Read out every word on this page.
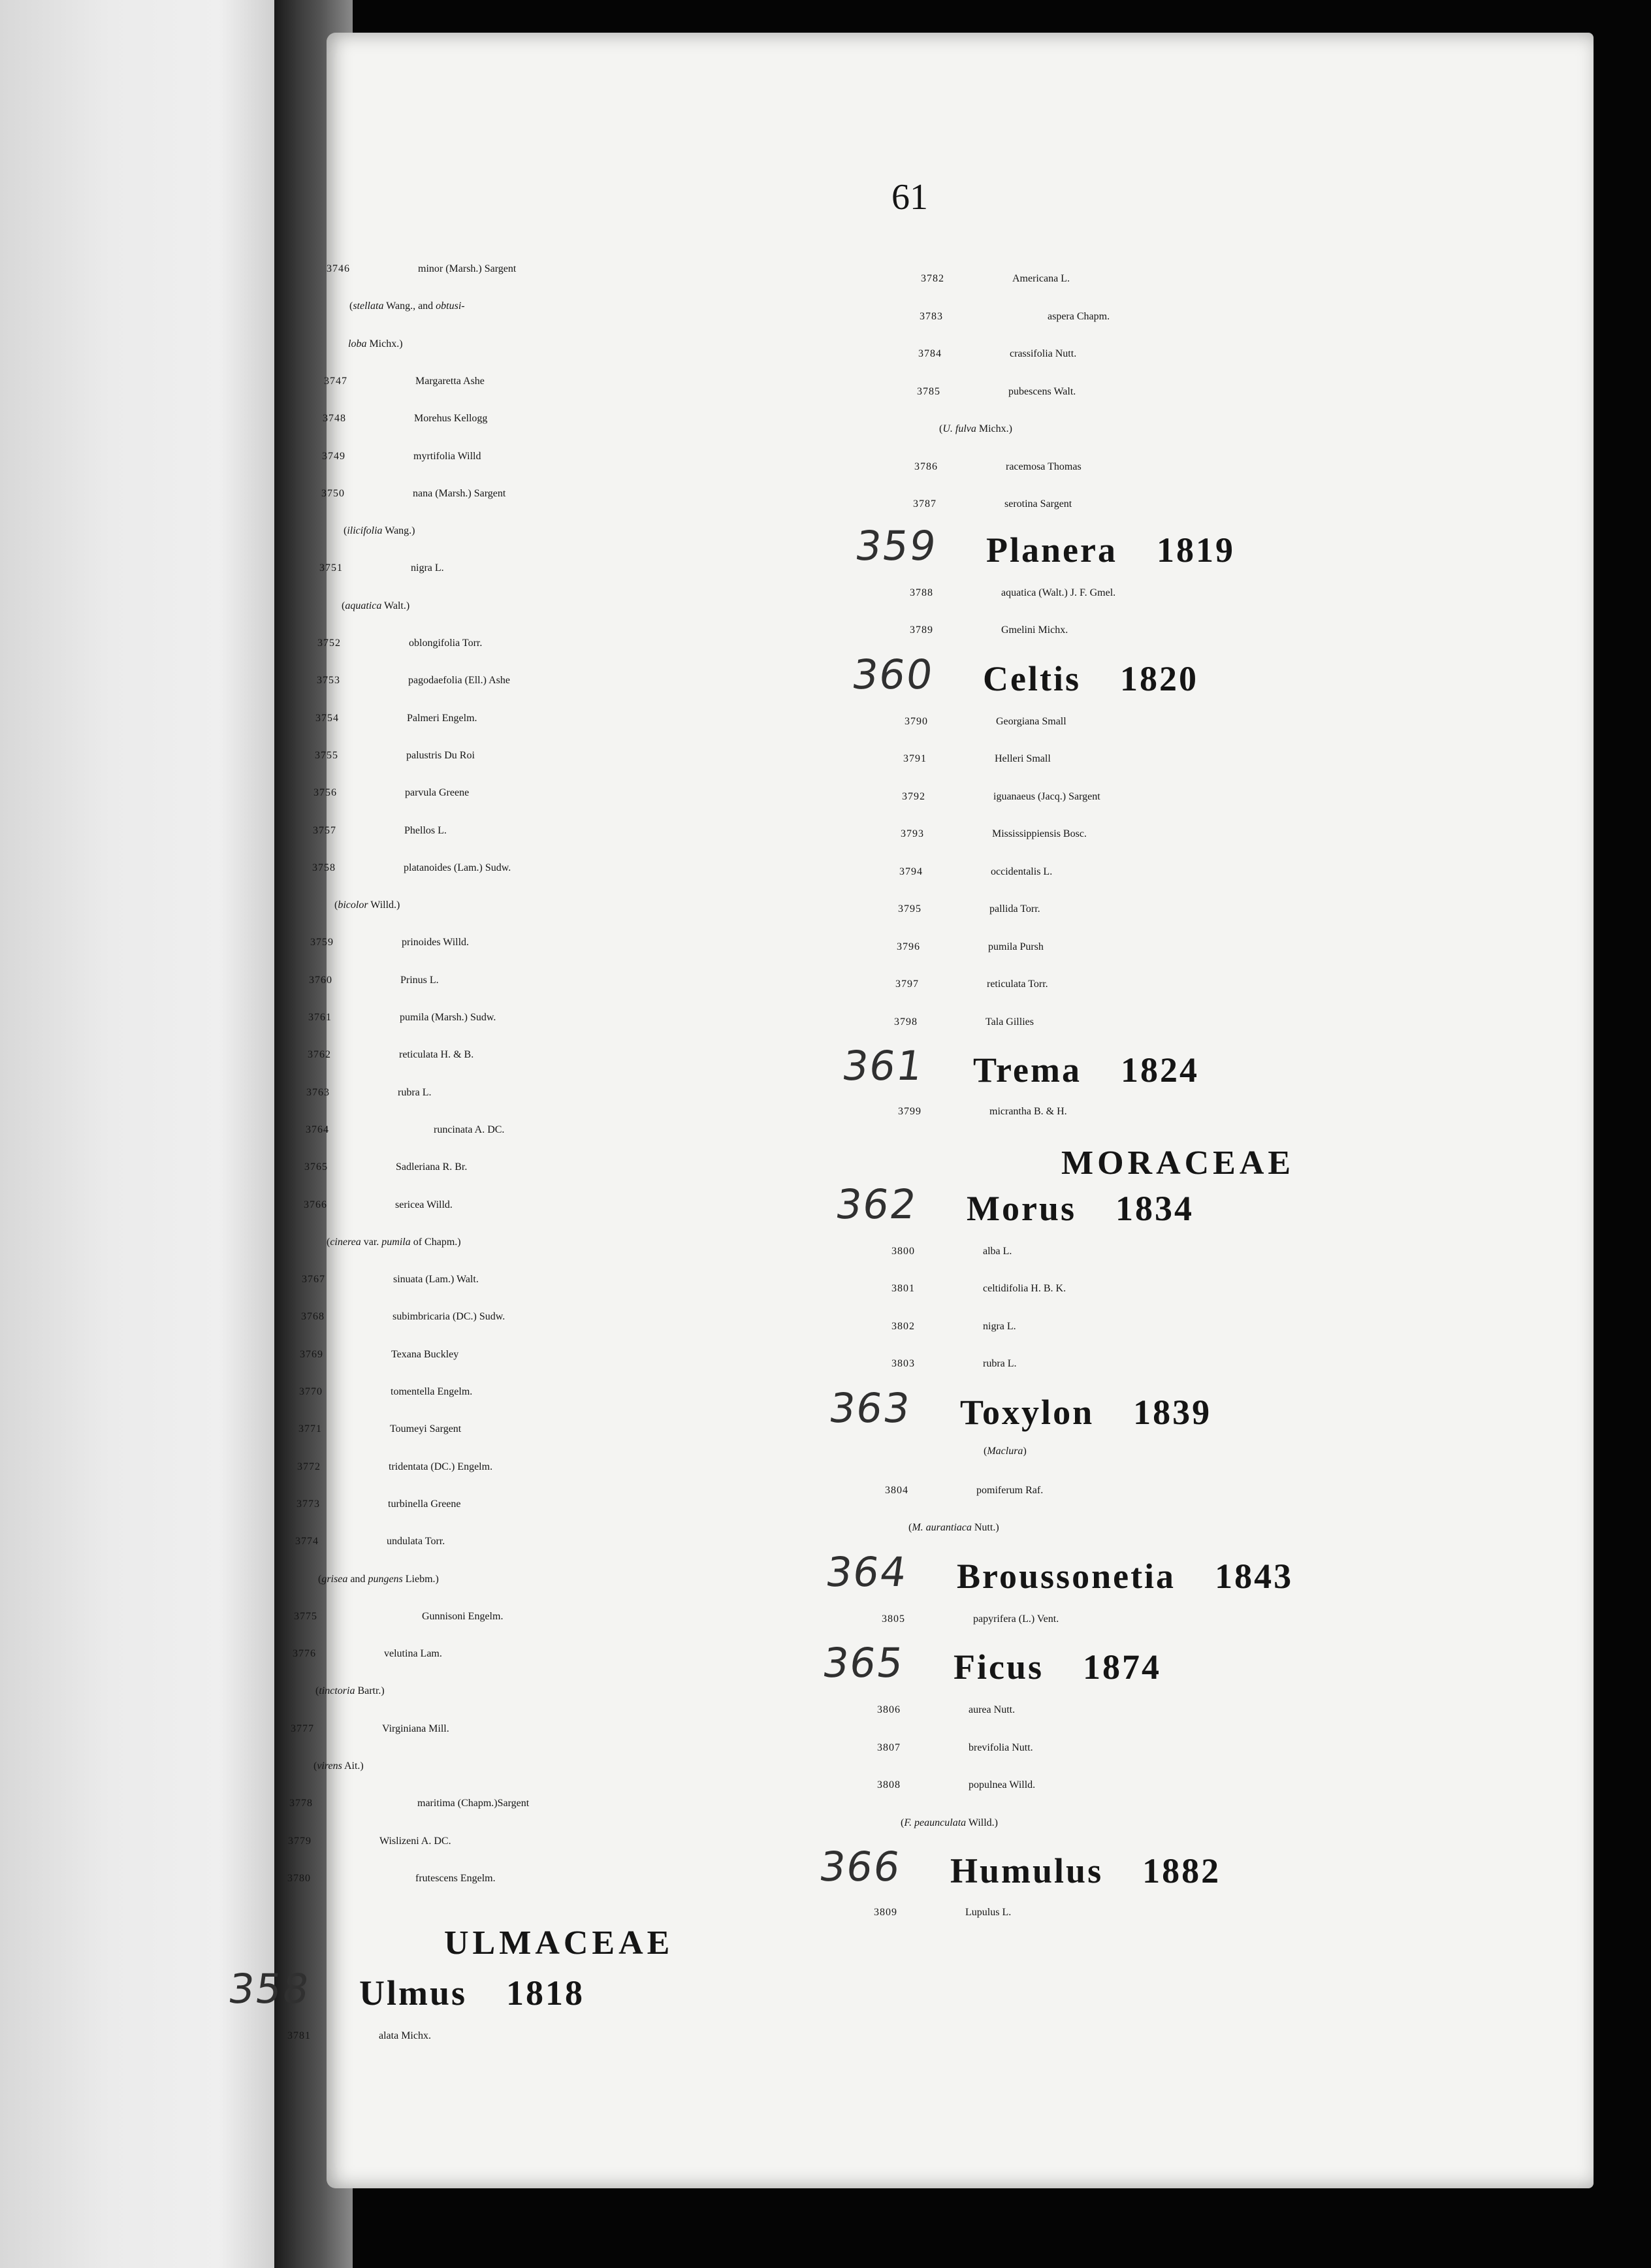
61
3746	minor (Marsh.) Sargent
(stellata Wang., and obtusi-
loba Michx.)
3747	Margaretta Ashe
3748	Morehus Kellogg
3749	myrtifolia Willd
3750	nana (Marsh.) Sargent
(ilicifolia Wang.)
3751	nigra L.
(aquatica Walt.)
3752	oblongifolia Torr.
3753	pagodaefolia (Ell.) Ashe
3754	Palmeri Engelm.
3755	palustris Du Roi
3756	parvula Greene
3757	Phellos L.
3758	platanoides (Lam.) Sudw.
(bicolor Willd.)
3759	prinoides Willd.
3760	Prinus L.
3761	pumila (Marsh.) Sudw.
3762	reticulata H. & B.
3763	rubra L.
3764	runcinata A. DC.
3765	Sadleriana R. Br.
3766	sericea Willd.
(cinerea var. pumila of Chapm.)
3767	sinuata (Lam.) Walt.
3768	subimbricaria (DC.) Sudw.
3769	Texana Buckley
3770	tomentella Engelm.
3771	Toumeyi Sargent
3772	tridentata (DC.) Engelm.
3773	turbinella Greene
3774	undulata Torr.
(grisea and pungens Liebm.)
3775	Gunnisoni Engelm.
3776	velutina Lam.
(tinctoria Bartr.)
3777	Virginiana Mill.
(virens Ait.)
3778	maritima (Chapm.)Sargent
3779	Wislizeni A. DC.
3780	frutescens Engelm.
ULMACEAE
358 Ulmus 1818
3781	alata Michx.
3782	Americana L.
3783	aspera Chapm.
3784	crassifolia Nutt.
3785	pubescens Walt.
(U. fulva Michx.)
3786	racemosa Thomas
3787	serotina Sargent
359 Planera 1819
3788	aquatica (Walt.) J. F. Gmel.
3789	Gmelini Michx.
360 Celtis 1820
3790	Georgiana Small
3791	Helleri Small
3792	iguanaeus (Jacq.) Sargent
3793	Mississippiensis Bosc.
3794	occidentalis L.
3795	pallida Torr.
3796	pumila Pursh
3797	reticulata Torr.
3798	Tala Gillies
361 Trema 1824
3799	micrantha B. & H.
MORACEAE
362 Morus 1834
3800	alba L.
3801	celtidifolia H. B. K.
3802	nigra L.
3803	rubra L.
363 Toxylon 1839
(Maclura)
3804	pomiferum Raf.
(M. aurantiaca Nutt.)
364 Broussonetia 1843
3805	papyrifera (L.) Vent.
365 Ficus 1874
3806	aurea Nutt.
3807	brevifolia Nutt.
3808	populnea Willd.
(F. peaunculata Willd.)
366 Humulus 1882
3809	Lupulus L.
